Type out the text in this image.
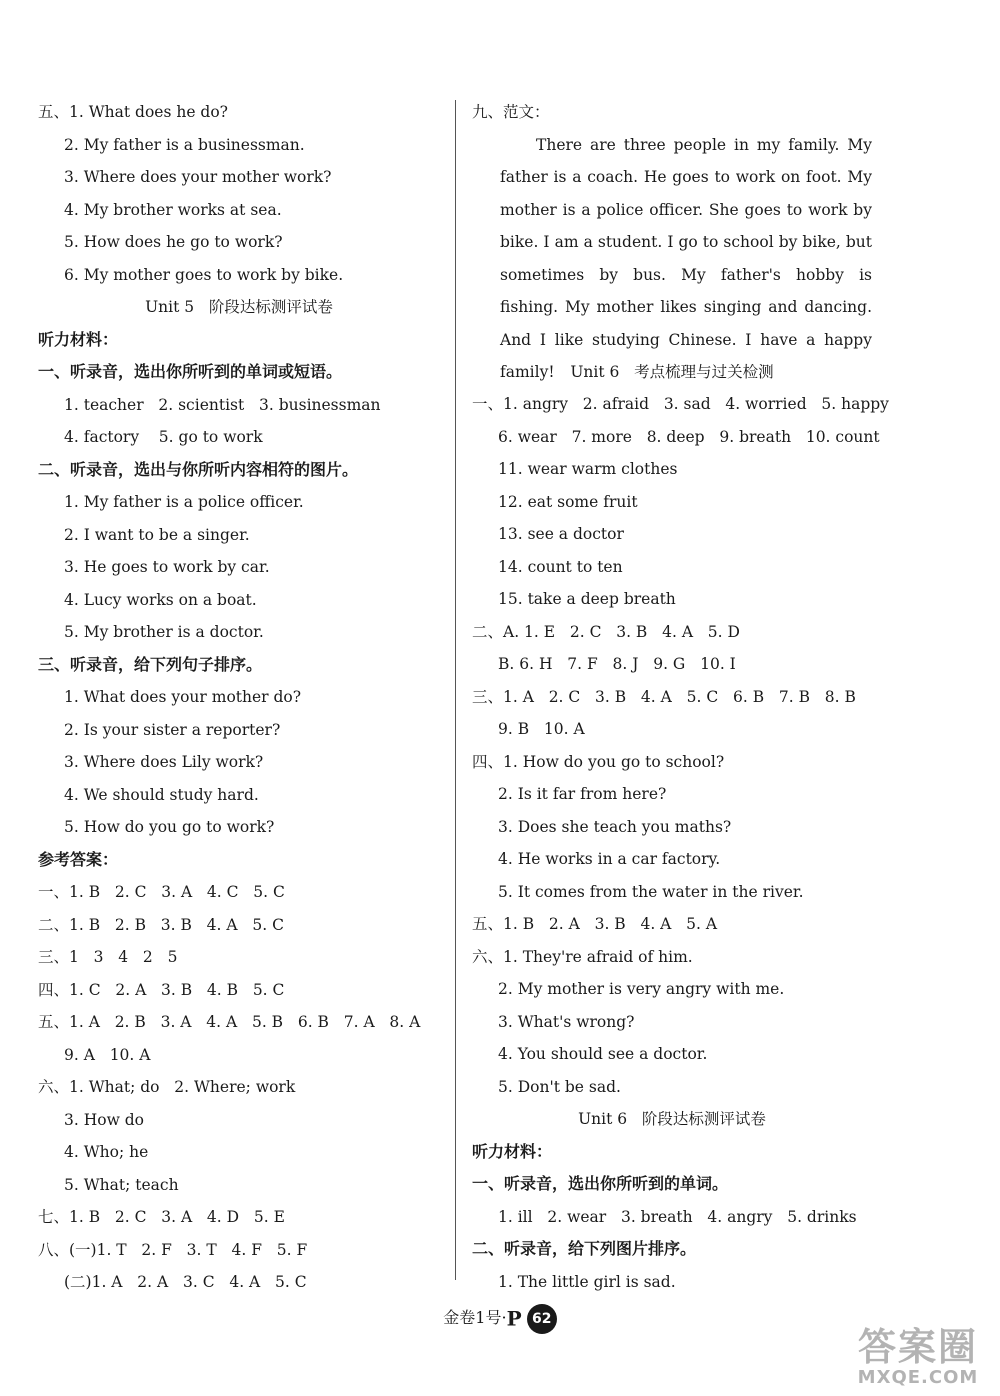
五、1. What does he do?
2. My father is a businessman.
3. Where does your mother work?
4. My brother works at sea.
5. How does he go to work?
6. My mother goes to work by bike.
Unit 5   阶段达标测评试卷
听力材料：
一、听录音，选出你所听到的单词或短语。
1. teacher   2. scientist   3. businessman
4. factory    5. go to work
二、听录音，选出与你所听内容相符的图片。
1. My father is a police officer.
2. I want to be a singer.
3. He goes to work by car.
4. Lucy works on a boat.
5. My brother is a doctor.
三、听录音，给下列句子排序。
1. What does your mother do?
2. Is your sister a reporter?
3. Where does Lily work?
4. We should study hard.
5. How do you go to work?
参考答案：
一、1. B   2. C   3. A   4. C   5. C
二、1. B   2. B   3. B   4. A   5. C
三、1   3   4   2   5
四、1. C   2. A   3. B   4. B   5. C
五、1. A   2. B   3. A   4. A   5. B   6. B   7. A   8. A
9. A   10. A
六、1. What; do   2. Where; work
3. How do
4. Who; he
5. What; teach
七、1. B   2. C   3. A   4. D   5. E
八、(一)1. T   2. F   3. T   4. F   5. F
(二)1. A   2. A   3. C   4. A   5. C
九、范文：
There are three people in my family. My father is a coach. He goes to work on foot. My mother is a police officer. She goes to work by bike. I am a student. I go to school by bike, but sometimes by bus. My father's hobby is fishing. My mother likes singing and dancing. And I like studying Chinese. I have a happy family!	Unit 6   考点梳理与过关检测
一、1. angry   2. afraid   3. sad   4. worried   5. happy
6. wear   7. more   8. deep   9. breath   10. count
11. wear warm clothes
12. eat some fruit
13. see a doctor
14. count to ten
15. take a deep breath
二、A. 1. E   2. C   3. B   4. A   5. D
B. 6. H   7. F   8. J   9. G   10. I
三、1. A   2. C   3. B   4. A   5. C   6. B   7. B   8. B
9. B   10. A
四、1. How do you go to school?
2. Is it far from here?
3. Does she teach you maths?
4. He works in a car factory.
5. It comes from the water in the river.
五、1. B   2. A   3. B   4. A   5. A
六、1. They're afraid of him.
2. My mother is very angry with me.
3. What's wrong?
4. You should see a doctor.
5. Don't be sad.
Unit 6   阶段达标测评试卷
听力材料：
一、听录音，选出你所听到的单词。
1. ill   2. wear   3. breath   4. angry   5. drinks
二、听录音，给下列图片排序。
1. The little girl is sad.
金卷1号·P 62
答案圈
MXQE.COM
